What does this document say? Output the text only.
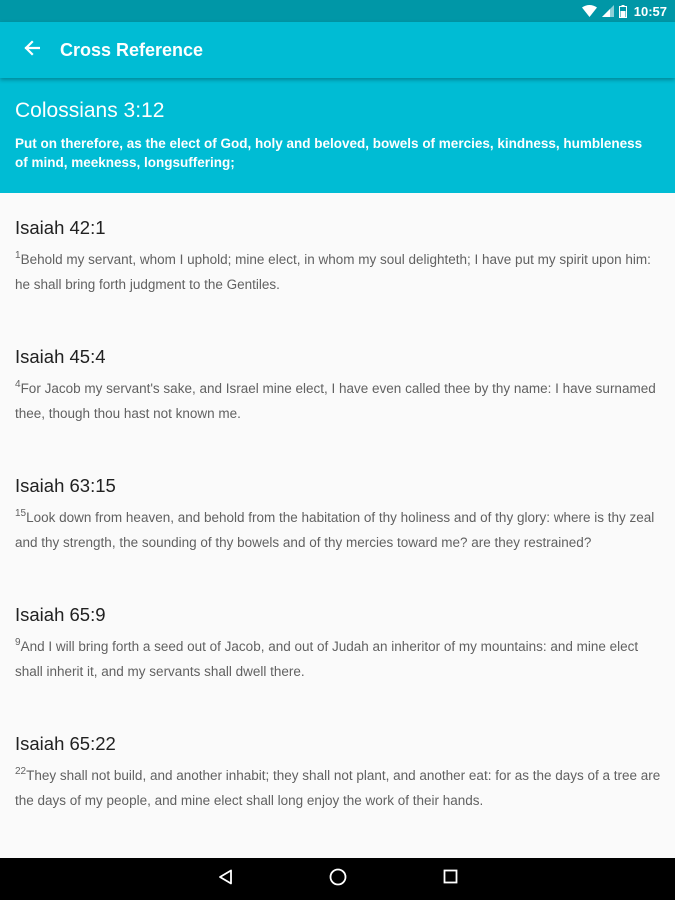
10:57
Cross Reference
Colossians 3:12
Put on therefore, as the elect of God, holy and beloved, bowels of mercies, kindness, humbleness of mind, meekness, longsuffering;
Isaiah 42:1
$^1$Behold my servant, whom I uphold; mine elect, in whom my soul delighteth; I have put my spirit upon him: he shall bring forth judgment to the Gentiles.
Isaiah 45:4
$^4$For Jacob my servant's sake, and Israel mine elect, I have even called thee by thy name: I have surnamed thee, though thou hast not known me.
Isaiah 63:15
$^{15}$Look down from heaven, and behold from the habitation of thy holiness and of thy glory: where is thy zeal and thy strength, the sounding of thy bowels and of thy mercies toward me? are they restrained?
Isaiah 65:9
$^9$And I will bring forth a seed out of Jacob, and out of Judah an inheritor of my mountains: and mine elect shall inherit it, and my servants shall dwell there.
Isaiah 65:22
$^{22}$They shall not build, and another inhabit; they shall not plant, and another eat: for as the days of a tree are the days of my people, and mine elect shall long enjoy the work of their hands.
